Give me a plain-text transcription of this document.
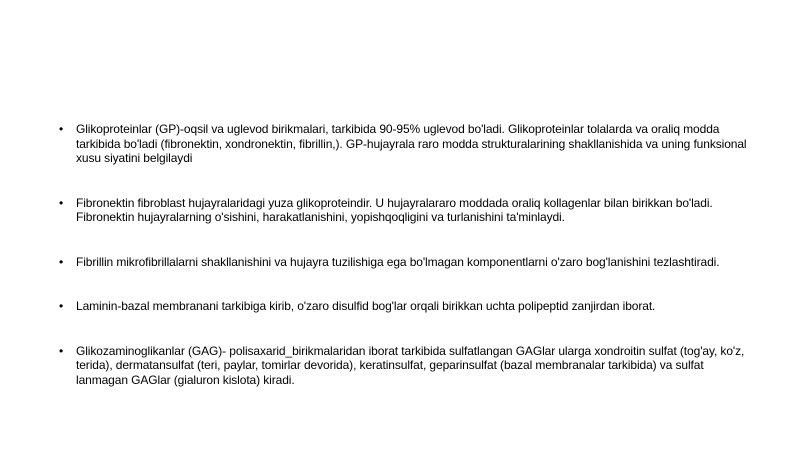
• Glikoproteinlar (GP)-oqsil va uglevod birikmalari, tarkibida 90-95% uglevod bo'ladi. Glikoproteinlar tolalarda va oraliq modda tarkibida bo'ladi (fibronektin, xondronektin, fibrillin,). GP-hujayrala raro modda strukturalarining shakllanishida va uning funksional xusu siyatini belgilaydi
• Fibronektin fibroblast hujayralaridagi yuza glikoproteindir. U hujayralararo moddada oraliq kollagenlar bilan birikkan bo'ladi. Fibronektin hujayralarning o'sishini, harakatlanishini, yopishqoqligini va turlanishini ta'minlaydi.
• Fibrillin mikrofibrillalarni shakllanishini va hujayra tuzilishiga ega bo'lmagan komponentlarni o'zaro bog'lanishini tezlashtiradi.
• Laminin-bazal membranani tarkibiga kirib, o'zaro disulfid bog'lar orqali birikkan uchta polipeptid zanjirdan iborat.
• Glikozaminoglikanlar (GAG)- polisaxarid_birikmalaridan iborat tarkibida sulfatlangan GAGlar ularga xondroitin sulfat (tog'ay, ko'z, terida), dermatansulfat (teri, paylar, tomirlar devorida), keratinsulfat, geparinsulfat (bazal membranalar tarkibida) va sulfat lanmagan GAGlar (gialuron kislota) kiradi.
